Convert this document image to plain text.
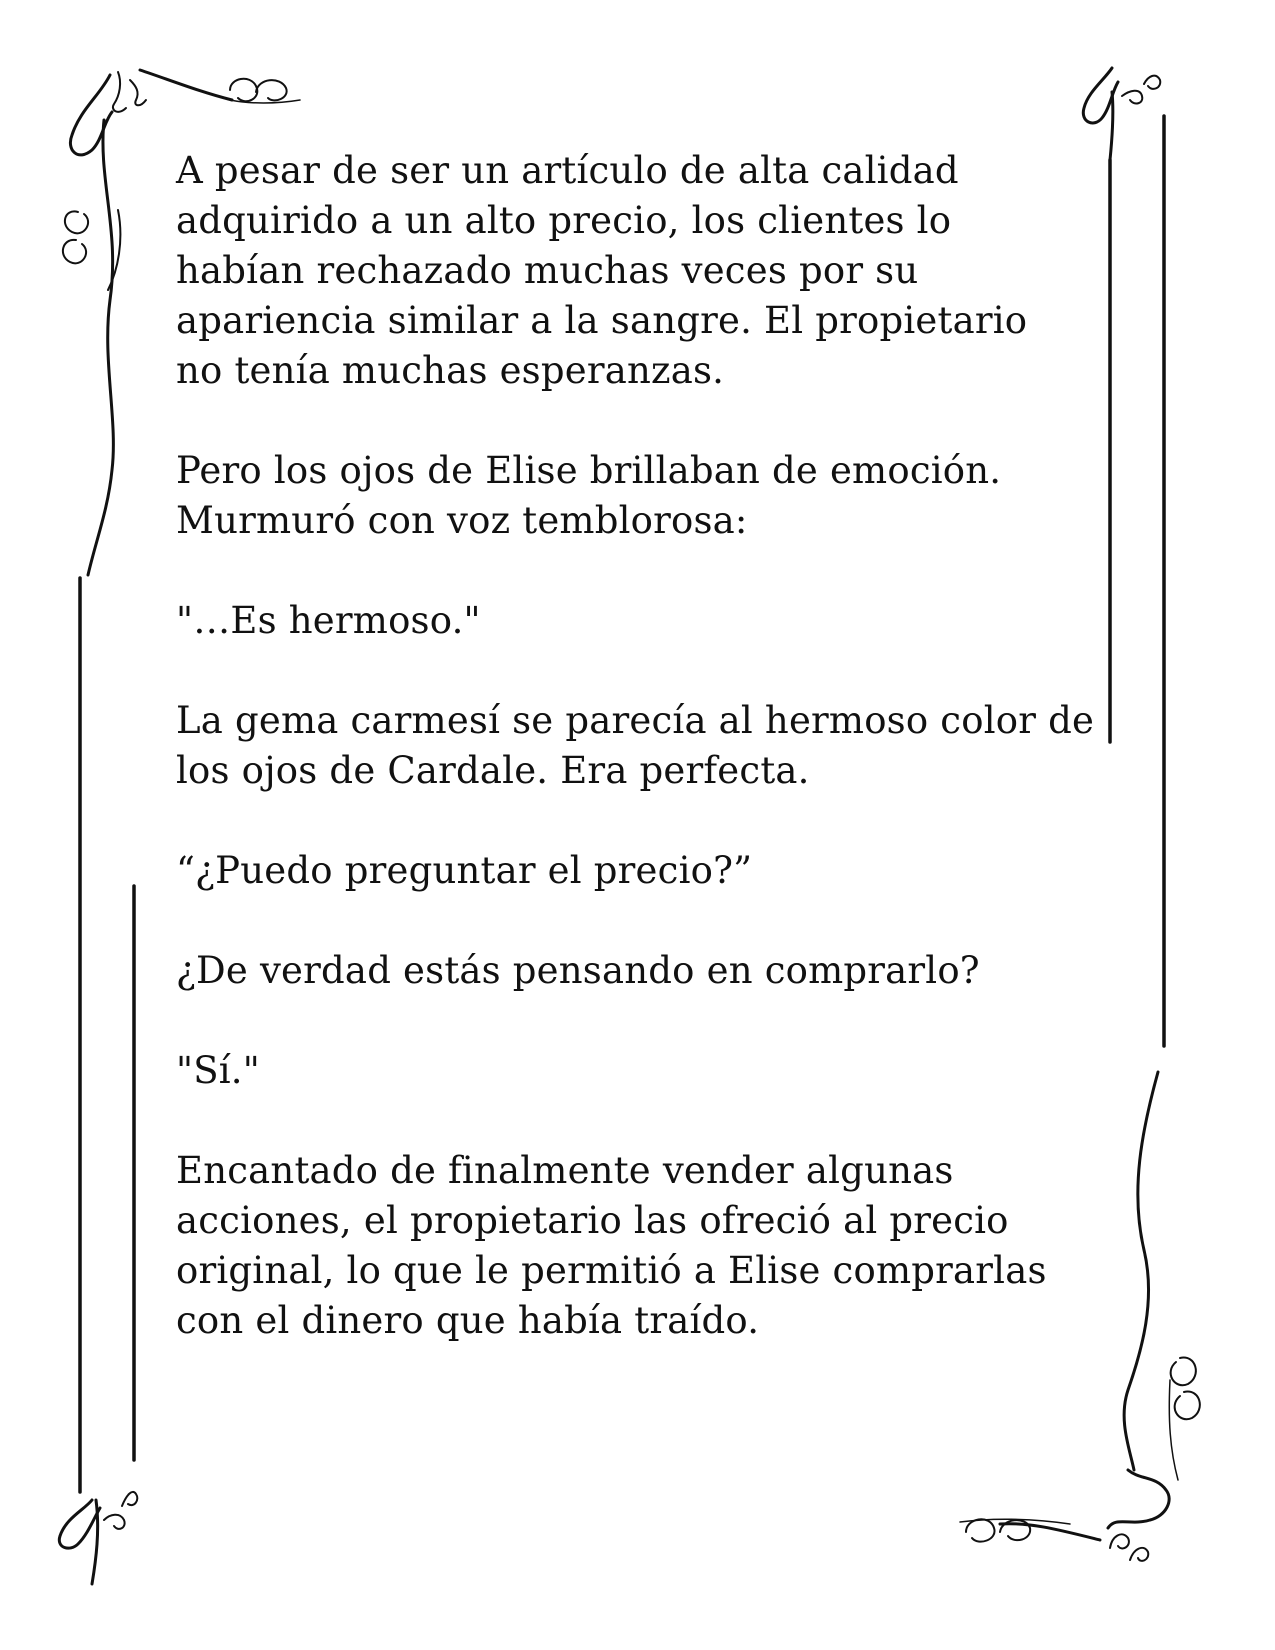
A pesar de ser un artículo de alta calidad
adquirido a un alto precio, los clientes lo
habían rechazado muchas veces por su
apariencia similar a la sangre. El propietario
no tenía muchas esperanzas.

Pero los ojos de Elise brillaban de emoción.
Murmuró con voz temblorosa:

"…Es hermoso."

La gema carmesí se parecía al hermoso color de
los ojos de Cardale. Era perfecta.

“¿Puedo preguntar el precio?”

¿De verdad estás pensando en comprarlo?

"Sí."

Encantado de finalmente vender algunas
acciones, el propietario las ofreció al precio
original, lo que le permitió a Elise comprarlas
con el dinero que había traído.
